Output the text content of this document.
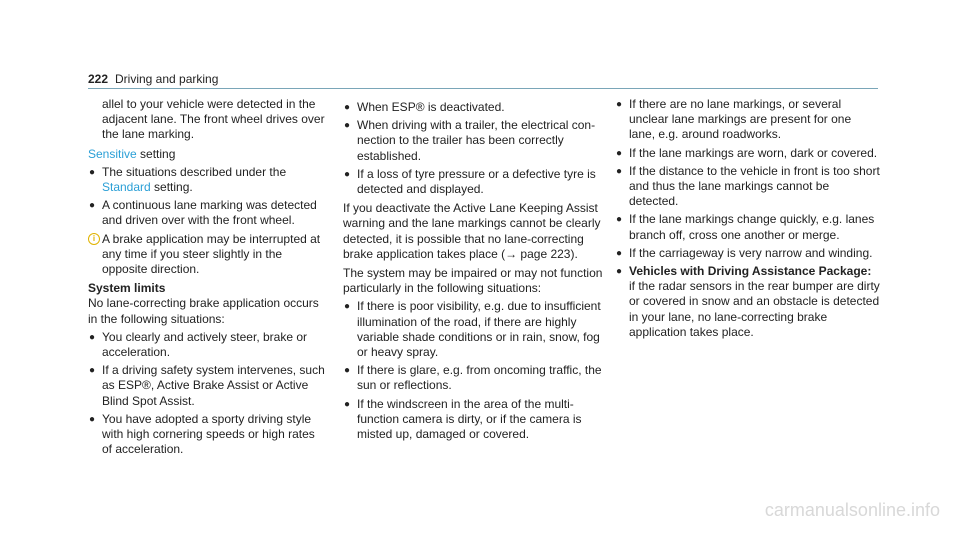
222 Driving and parking

allel to your vehicle were detected in the adjacent lane. The front wheel drives over the lane marking.

Sensitive setting

● The situations described under the Standard setting.
● A continuous lane marking was detected and driven over with the front wheel.
i A brake application may be interrupted at any time if you steer slightly in the opposite direction.

System limits

No lane-correcting brake application occurs in the following situations:

● You clearly and actively steer, brake or acceleration.
● If a driving safety system intervenes, such as ESP®, Active Brake Assist or Active Blind Spot Assist.
● You have adopted a sporty driving style with high cornering speeds or high rates of acceleration.
● When ESP® is deactivated.
● When driving with a trailer, the electrical connection to the trailer has been correctly established.
● If a loss of tyre pressure or a defective tyre is detected and displayed.

If you deactivate the Active Lane Keeping Assist warning and the lane markings cannot be clearly detected, it is possible that no lane-correcting brake application takes place (→ page 223).

The system may be impaired or may not function particularly in the following situations:

● If there is poor visibility, e.g. due to insufficient illumination of the road, if there are highly variable shade conditions or in rain, snow, fog or heavy spray.
● If there is glare, e.g. from oncoming traffic, the sun or reflections.
● If the windscreen in the area of the multifunction camera is dirty, or if the camera is misted up, damaged or covered.
● If there are no lane markings, or several unclear lane markings are present for one lane, e.g. around roadworks.
● If the lane markings are worn, dark or covered.
● If the distance to the vehicle in front is too short and thus the lane markings cannot be detected.
● If the lane markings change quickly, e.g. lanes branch off, cross one another or merge.
● If the carriageway is very narrow and winding.
● Vehicles with Driving Assistance Package: if the radar sensors in the rear bumper are dirty or covered in snow and an obstacle is detected in your lane, no lane-correcting brake application takes place.
carmanualsonline.info
